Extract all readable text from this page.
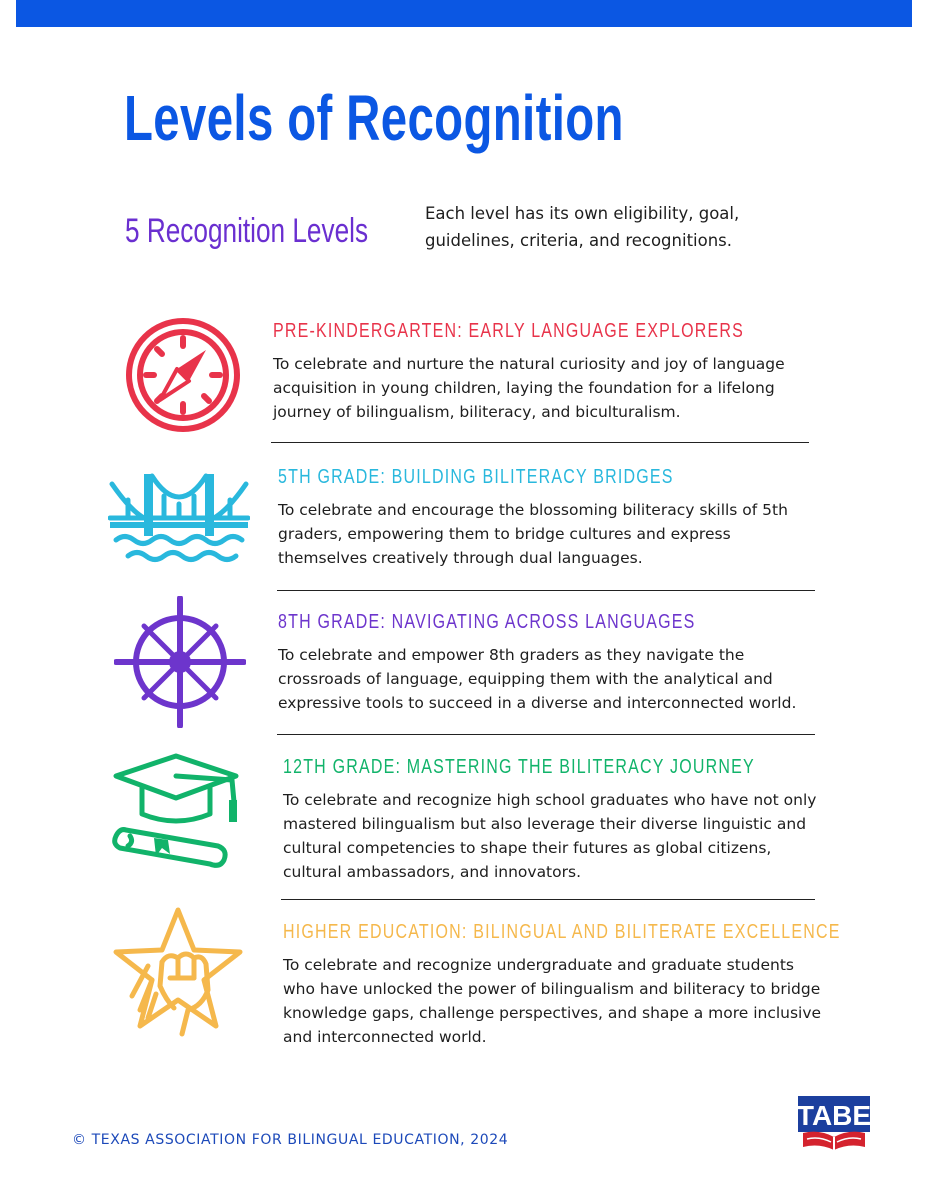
Levels of Recognition
5 Recognition Levels	Each level has its own eligibility, goal, guidelines, criteria, and recognitions.
PRE-KINDERGARTEN: EARLY LANGUAGE EXPLORERS
To celebrate and nurture the natural curiosity and joy of language acquisition in young children, laying the foundation for a lifelong journey of bilingualism, biliteracy, and biculturalism.
5TH GRADE: BUILDING BILITERACY BRIDGES
To celebrate and encourage the blossoming biliteracy skills of 5th graders, empowering them to bridge cultures and express themselves creatively through dual languages.
8TH GRADE: NAVIGATING ACROSS LANGUAGES
To celebrate and empower 8th graders as they navigate the crossroads of language, equipping them with the analytical and expressive tools to succeed in a diverse and interconnected world.
12TH GRADE: MASTERING THE BILITERACY JOURNEY
To celebrate and recognize high school graduates who have not only mastered bilingualism but also leverage their diverse linguistic and cultural competencies to shape their futures as global citizens, cultural ambassadors, and innovators.
HIGHER EDUCATION: BILINGUAL AND BILITERATE EXCELLENCE
To celebrate and recognize undergraduate and graduate students who have unlocked the power of bilingualism and biliteracy to bridge knowledge gaps, challenge perspectives, and shape a more inclusive and interconnected world.
© TEXAS ASSOCIATION FOR BILINGUAL EDUCATION, 2024
TABE
